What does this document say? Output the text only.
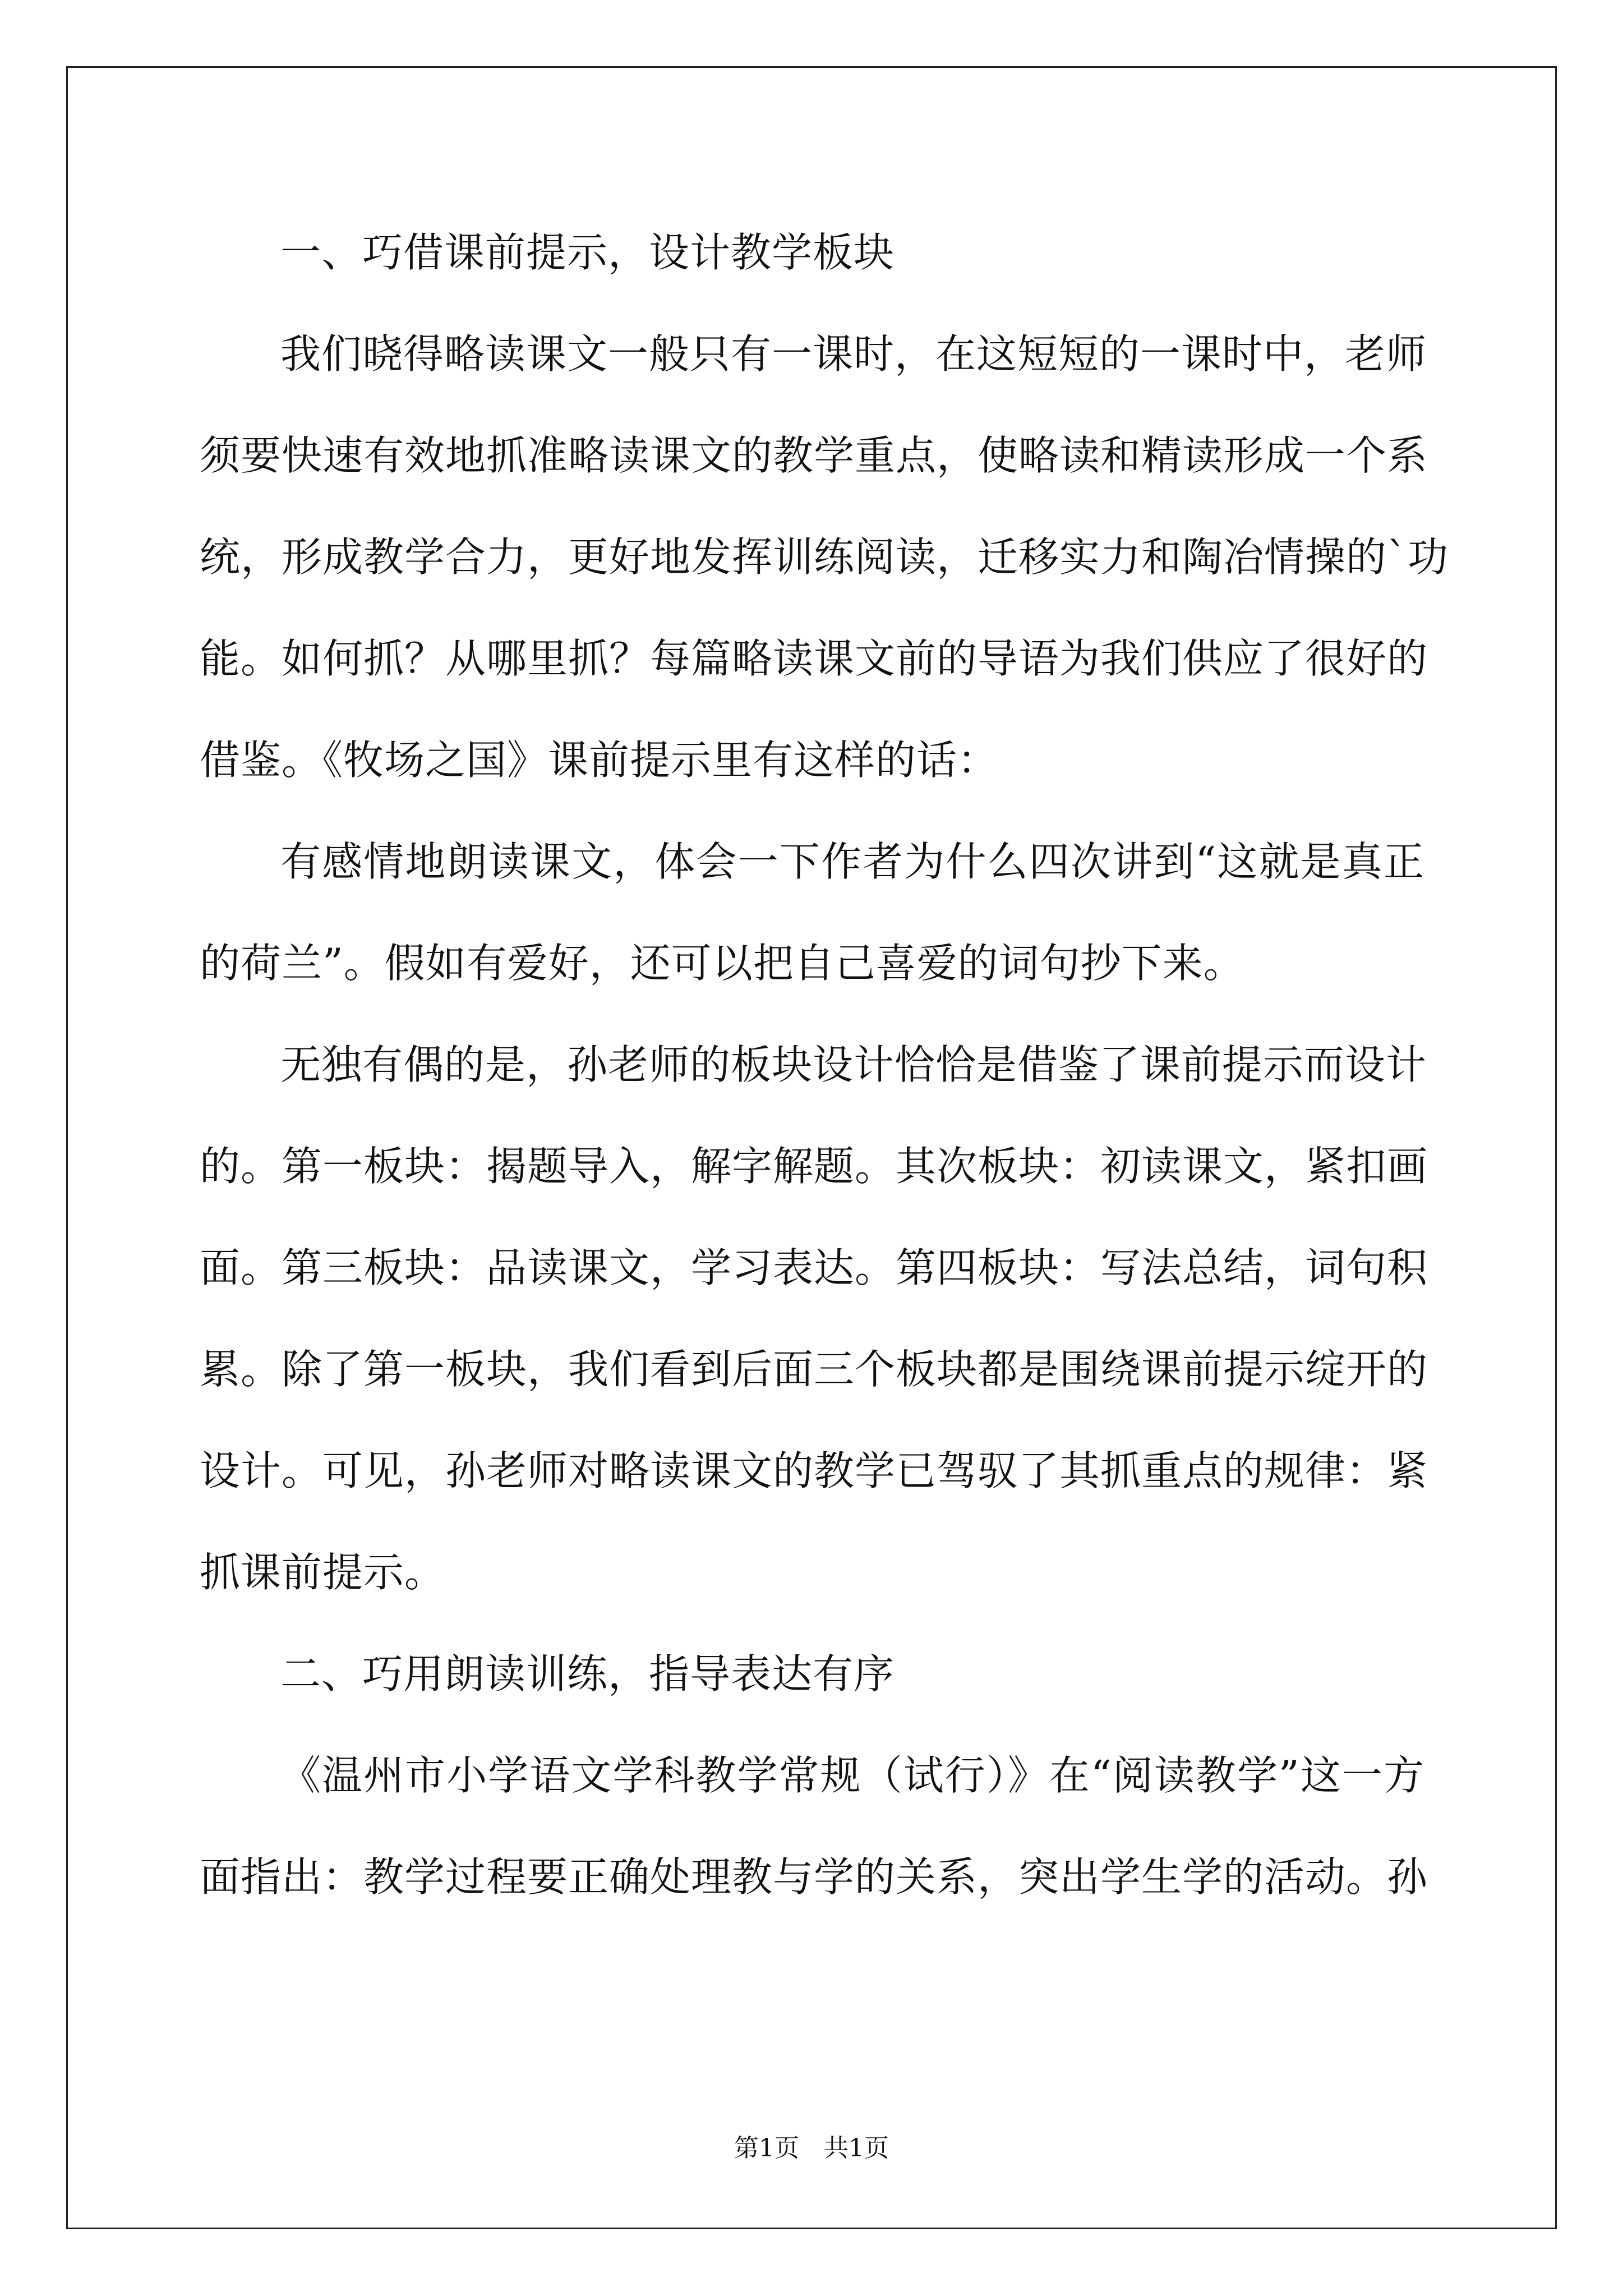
一、巧借课前提示，设计教学板块
我们晓得略读课文一般只有一课时，在这短短的一课时中，老师
须要快速有效地抓准略读课文的教学重点，使略读和精读形成一个系
统，形成教学合力，更好地发挥训练阅读，迁移实力和陶冶情操的`功
能。如何抓？从哪里抓？每篇略读课文前的导语为我们供应了很好的
借鉴。《牧场之国》课前提示里有这样的话：
有感情地朗读课文，体会一下作者为什么四次讲到“这就是真正
的荷兰”。假如有爱好，还可以把自己喜爱的词句抄下来。
无独有偶的是，孙老师的板块设计恰恰是借鉴了课前提示而设计
的。第一板块：揭题导入，解字解题。其次板块：初读课文，紧扣画
面。第三板块：品读课文，学习表达。第四板块：写法总结，词句积
累。除了第一板块，我们看到后面三个板块都是围绕课前提示绽开的
设计。可见，孙老师对略读课文的教学已驾驭了其抓重点的规律：紧
抓课前提示。
二、巧用朗读训练，指导表达有序
《温州市小学语文学科教学常规（试行）》在“阅读教学”这一方
面指出：教学过程要正确处理教与学的关系，突出学生学的活动。孙
第1页　共1页
